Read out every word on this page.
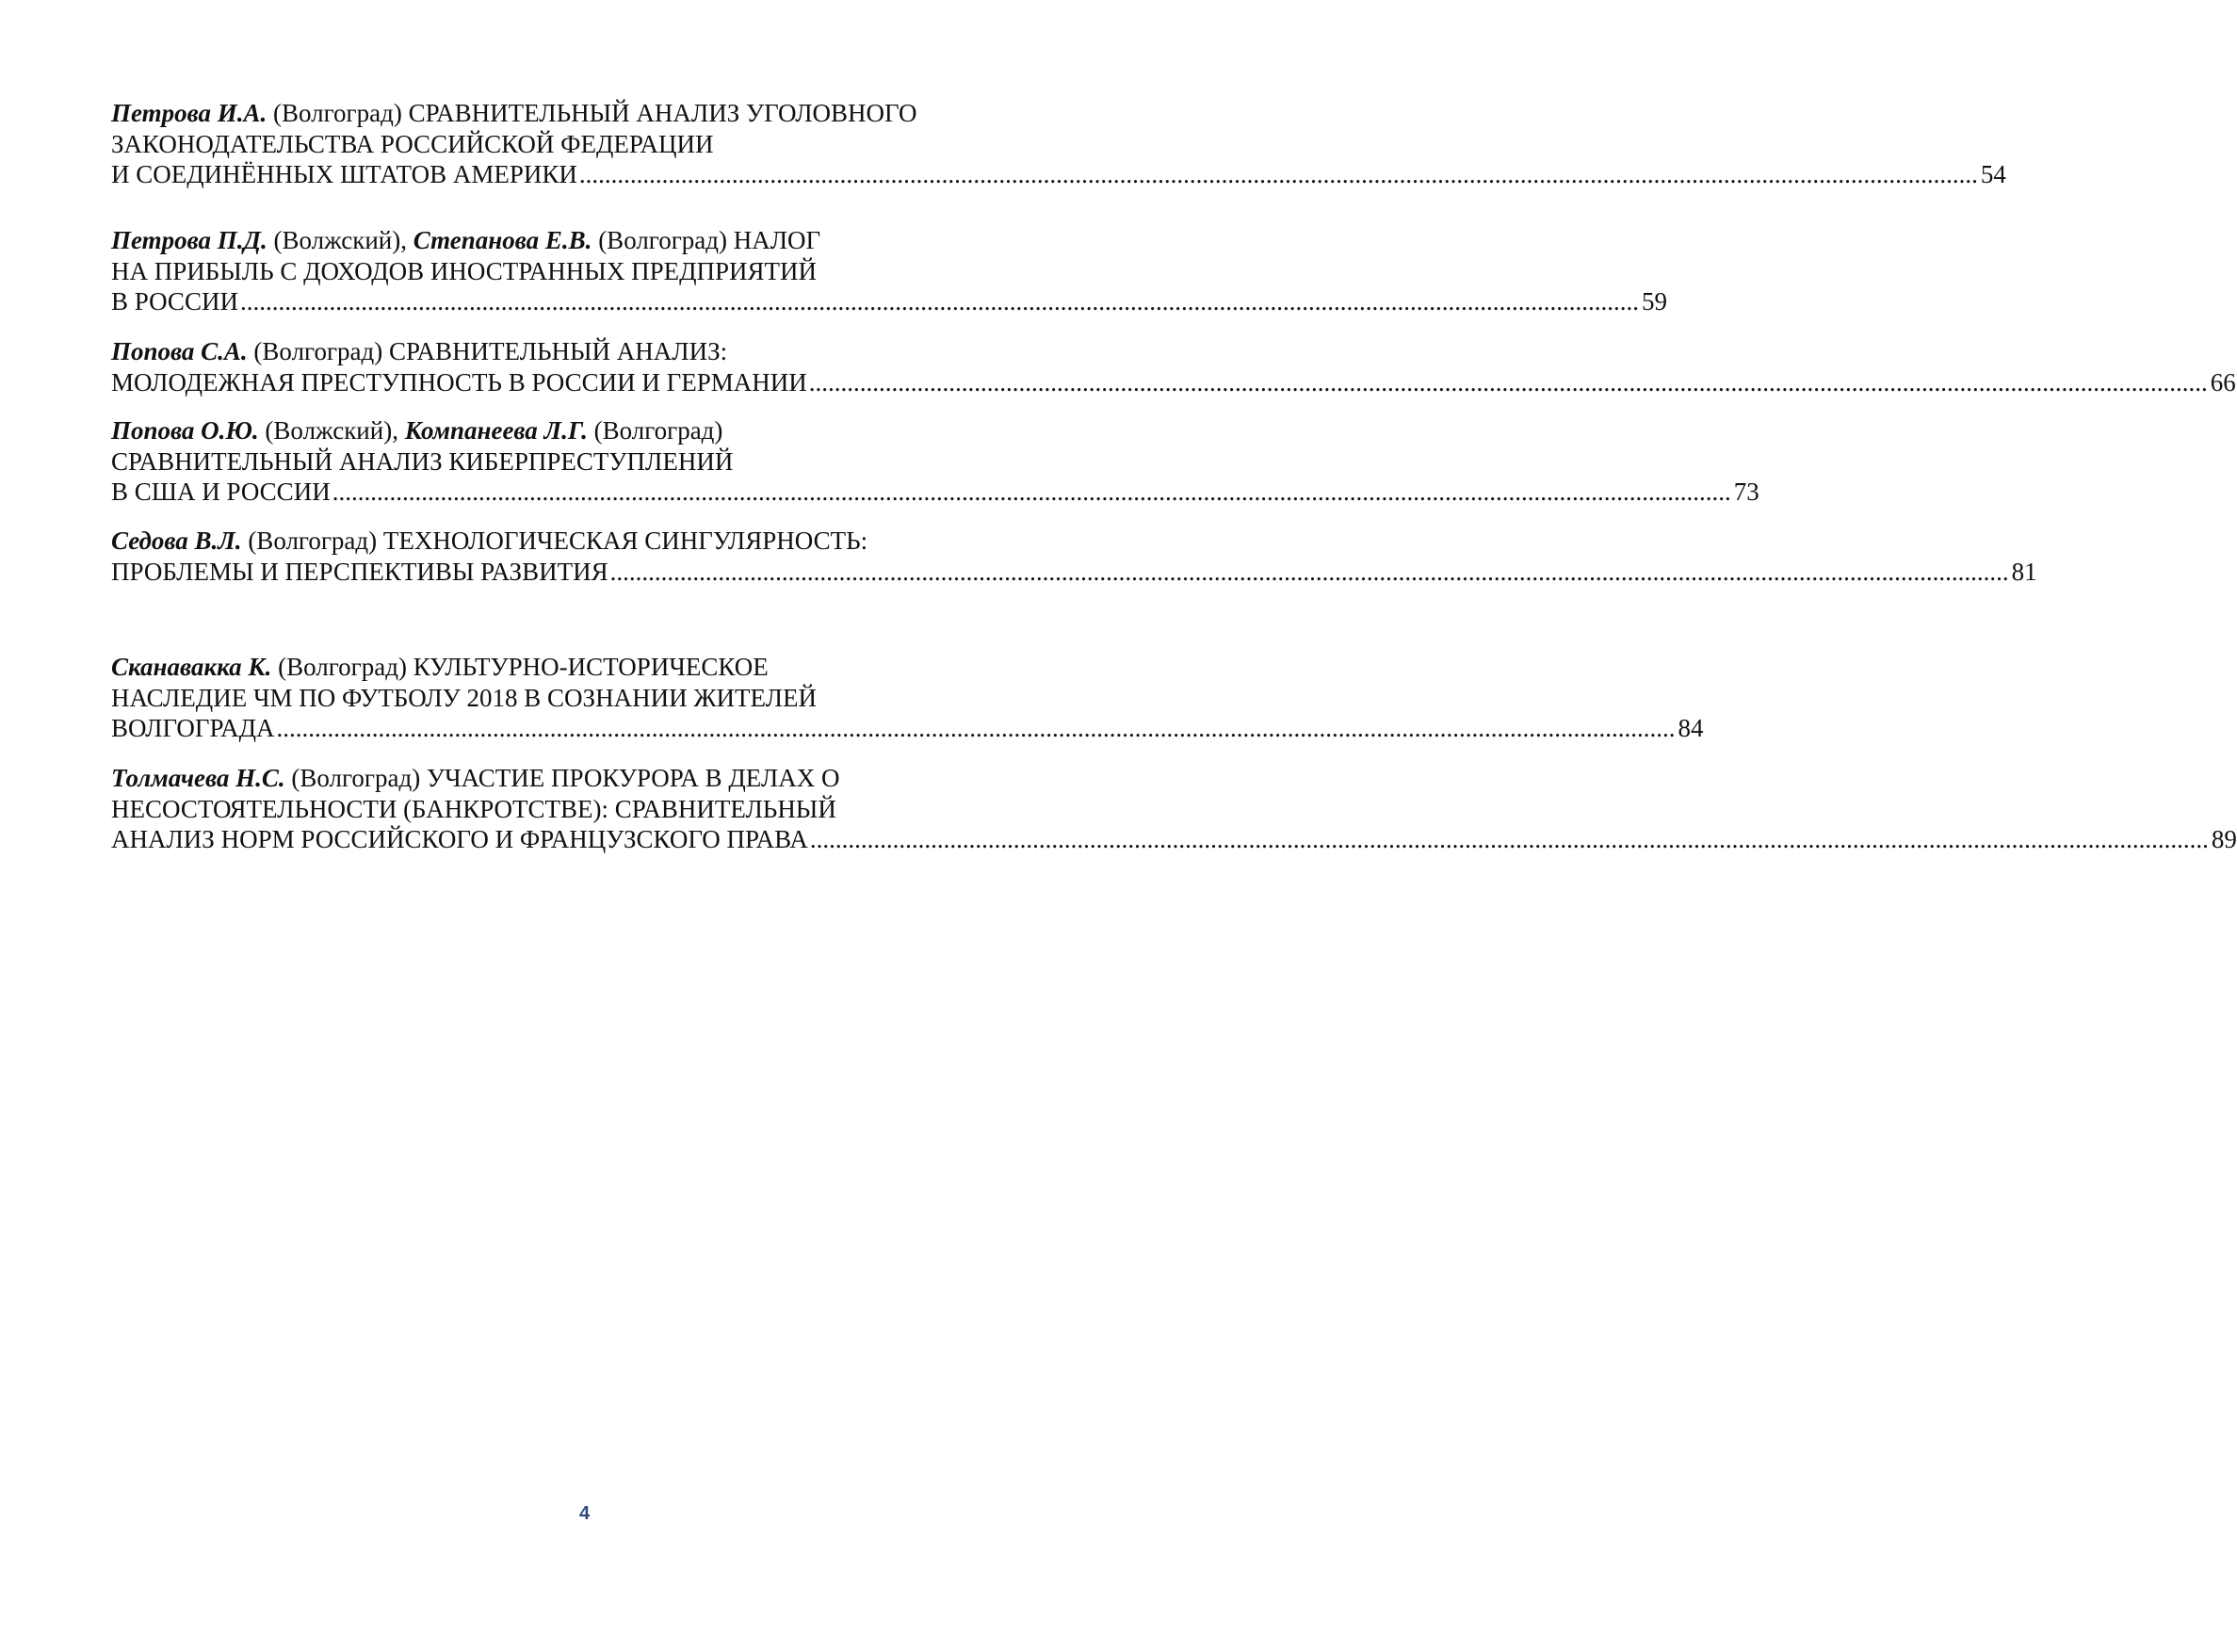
Петрова И.А. (Волгоград) СРАВНИТЕЛЬНЫЙ АНАЛИЗ УГОЛОВНОГО
ЗАКОНОДАТЕЛЬСТВА РОССИЙСКОЙ ФЕДЕРАЦИИ
И СОЕДИНЁННЫХ ШТАТОВ АМЕРИКИ ............................................................................................................................................................................................................................ 54
Петрова П.Д. (Волжский), Степанова Е.В. (Волгоград) НАЛОГ
НА ПРИБЫЛЬ С ДОХОДОВ ИНОСТРАННЫХ ПРЕДПРИЯТИЙ
В РОССИИ ............................................................................................................................................................................................................................ 59
Попова С.А. (Волгоград) СРАВНИТЕЛЬНЫЙ АНАЛИЗ:
МОЛОДЕЖНАЯ ПРЕСТУПНОСТЬ В РОССИИ И ГЕРМАНИИ ............................................................................................................................................................................................................................ 66
Попова О.Ю. (Волжский), Компанеева Л.Г. (Волгоград)
СРАВНИТЕЛЬНЫЙ АНАЛИЗ КИБЕРПРЕСТУПЛЕНИЙ
В США И РОССИИ ............................................................................................................................................................................................................................ 73
Седова В.Л. (Волгоград) ТЕХНОЛОГИЧЕСКАЯ СИНГУЛЯРНОСТЬ:
ПРОБЛЕМЫ И ПЕРСПЕКТИВЫ РАЗВИТИЯ ............................................................................................................................................................................................................................ 81
Сканавакка К. (Волгоград) КУЛЬТУРНО-ИСТОРИЧЕСКОЕ
НАСЛЕДИЕ ЧМ ПО ФУТБОЛУ 2018 В СОЗНАНИИ ЖИТЕЛЕЙ
ВОЛГОГРАДА ............................................................................................................................................................................................................................ 84
Толмачева Н.С. (Волгоград) УЧАСТИЕ ПРОКУРОРА В ДЕЛАХ О
НЕСОСТОЯТЕЛЬНОСТИ (БАНКРОТСТВЕ): СРАВНИТЕЛЬНЫЙ
АНАЛИЗ НОРМ РОССИЙСКОГО И ФРАНЦУЗСКОГО ПРАВА ............................................................................................................................................................................................................................ 89
4
